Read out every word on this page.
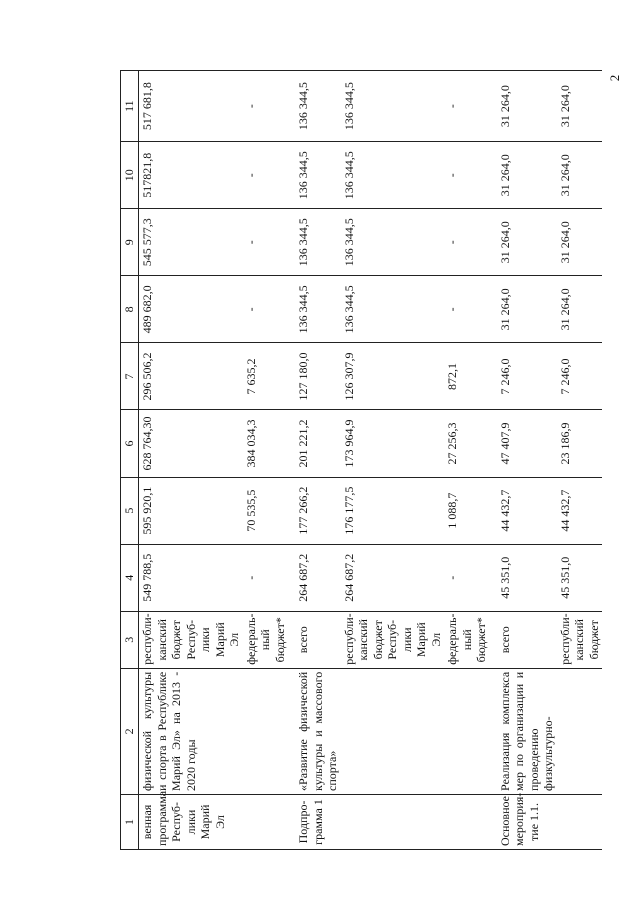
2
1	2	3	4	5	6	7	8	9	10	11
венная программа Респуб-лики Марий Эл	физической культуры и спорта в Республике Марий Эл» на 2013 - 2020 годы	республи-канский бюджет Респуб-лики Марий Эл	549 788,5	595 920,1	628 764,30	296 506,2	489 682,0	545 577,3	517821,8	517 681,8
		федераль-ный бюджет*	-	70 535,5	384 034,3	7 635,2	-	-	-	-
Подпро-грамма 1	«Развитие физической культуры и массового спорта»	всего	264 687,2	177 266,2	201 221,2	127 180,0	136 344,5	136 344,5	136 344,5	136 344,5
		республи-канский бюджет Респуб-лики Марий Эл	264 687,2	176 177,5	173 964,9	126 307,9	136 344,5	136 344,5	136 344,5	136 344,5
		федераль-ный бюджет*	-	1 088,7	27 256,3	872,1	-	-	-	-
Основное мероприя-тие 1.1.	Реализация комплекса мер по организации и проведению физкультурно-	всего	45 351,0	44 432,7	47 407,9	7 246,0	31 264,0	31 264,0	31 264,0	31 264,0
		республи-канский бюджет	45 351,0	44 432,7	23 186,9	7 246,0	31 264,0	31 264,0	31 264,0	31 264,0
